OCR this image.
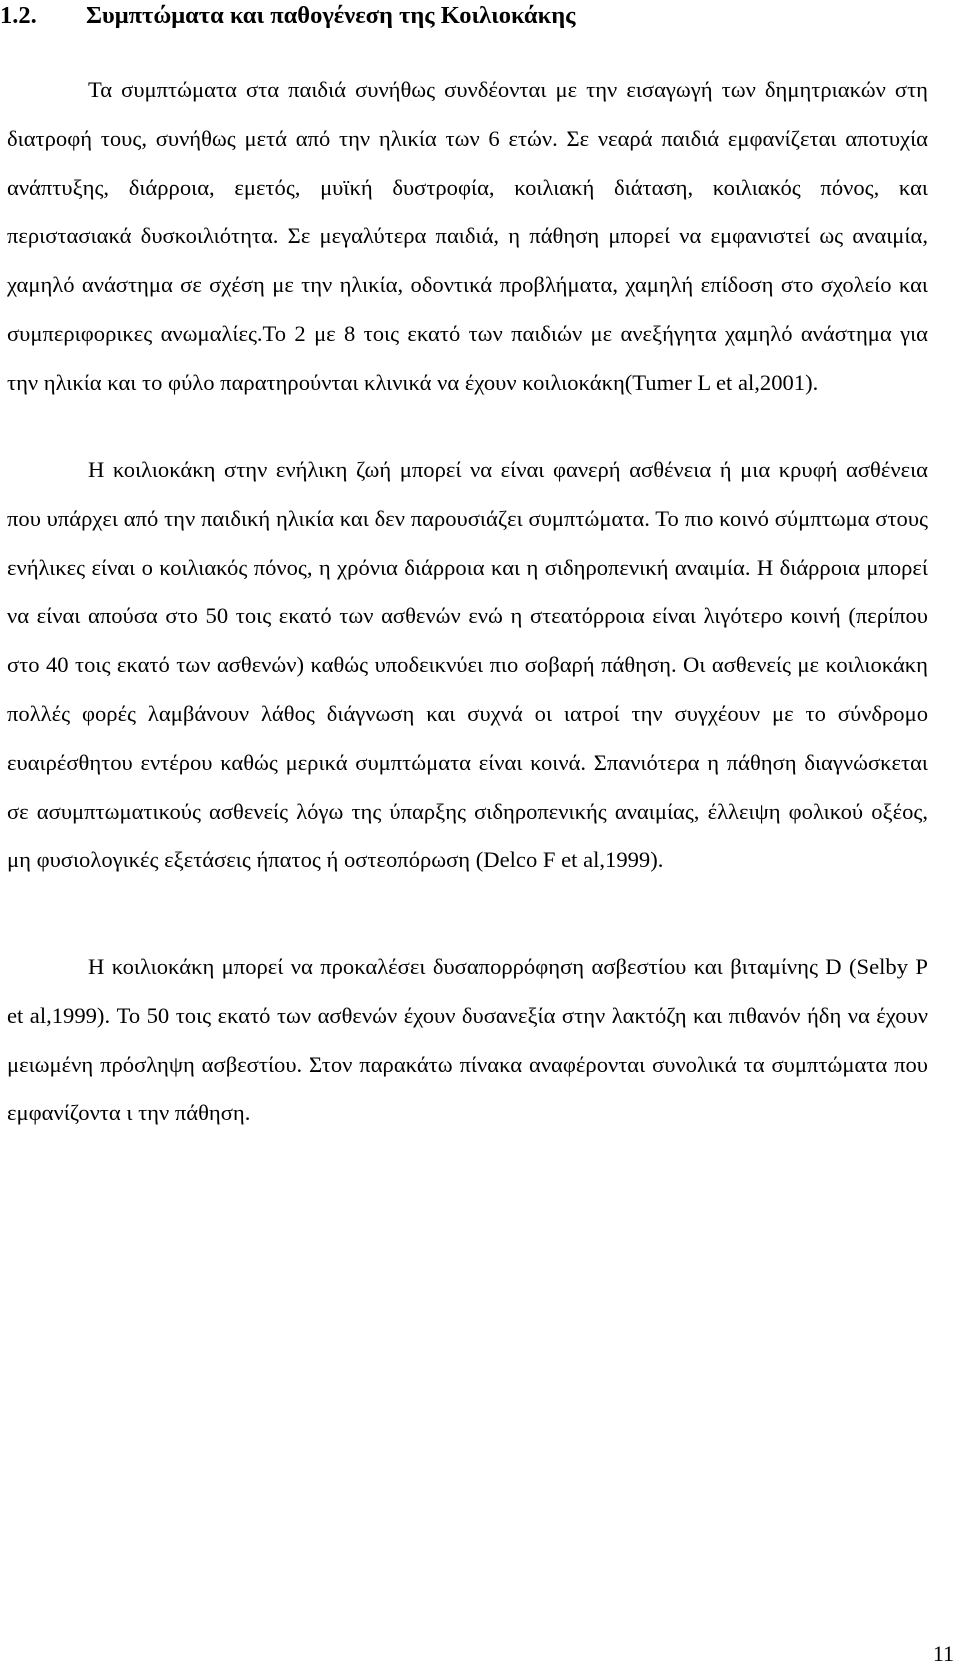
1.2. Συμπτώματα και παθογένεση της Κοιλιοκάκης

Τα συμπτώματα στα παιδιά συνήθως συνδέονται με την εισαγωγή των δημητριακών στη διατροφή τους, συνήθως μετά από την ηλικία των 6 ετών. Σε νεαρά παιδιά εμφανίζεται αποτυχία ανάπτυξης, διάρροια, εμετός, μυϊκή δυστροφία, κοιλιακή διάταση, κοιλιακός πόνος, και περιστασιακά δυσκοιλιότητα. Σε μεγαλύτερα παιδιά, η πάθηση μπορεί να εμφανιστεί ως αναιμία, χαμηλό ανάστημα σε σχέση με την ηλικία, οδοντικά προβλήματα, χαμηλή επίδοση στο σχολείο και συμπεριφορικες ανωμαλίες.Το 2 με 8 τοις εκατό των παιδιών με ανεξήγητα χαμηλό ανάστημα για την ηλικία και το φύλο παρατηρούνται κλινικά να έχουν κοιλιοκάκη(Tumer L et al,2001).

Η κοιλιοκάκη στην ενήλικη ζωή μπορεί να είναι φανερή ασθένεια ή μια κρυφή ασθένεια που υπάρχει από την παιδική ηλικία και δεν παρουσιάζει συμπτώματα. Το πιο κοινό σύμπτωμα στους ενήλικες είναι ο κοιλιακός πόνος, η χρόνια διάρροια και η σιδηροπενική αναιμία. Η διάρροια μπορεί να είναι απούσα στο 50 τοις εκατό των ασθενών ενώ η στεατόρροια είναι λιγότερο κοινή (περίπου στο 40 τοις εκατό των ασθενών) καθώς υποδεικνύει πιο σοβαρή πάθηση. Οι ασθενείς με κοιλιοκάκη πολλές φορές λαμβάνουν λάθος διάγνωση και συχνά οι ιατροί την συγχέουν με το σύνδρομο ευαιρέσθητου εντέρου καθώς μερικά συμπτώματα είναι κοινά. Σπανιότερα η πάθηση διαγνώσκεται σε ασυμπτωματικούς ασθενείς λόγω της ύπαρξης σιδηροπενικής αναιμίας, έλλειψη φολικού οξέος, μη φυσιολογικές εξετάσεις ήπατος ή οστεοπόρωση (Delco F et al,1999).

Η κοιλιοκάκη μπορεί να προκαλέσει δυσαπορρόφηση ασβεστίου και βιταμίνης D (Selby P et al,1999). Το 50 τοις εκατό των ασθενών έχουν δυσανεξία στην λακτόζη και πιθανόν ήδη να έχουν μειωμένη πρόσληψη ασβεστίου. Στον παρακάτω πίνακα αναφέρονται συνολικά τα συμπτώματα που εμφανίζοντα ι την πάθηση.

11
